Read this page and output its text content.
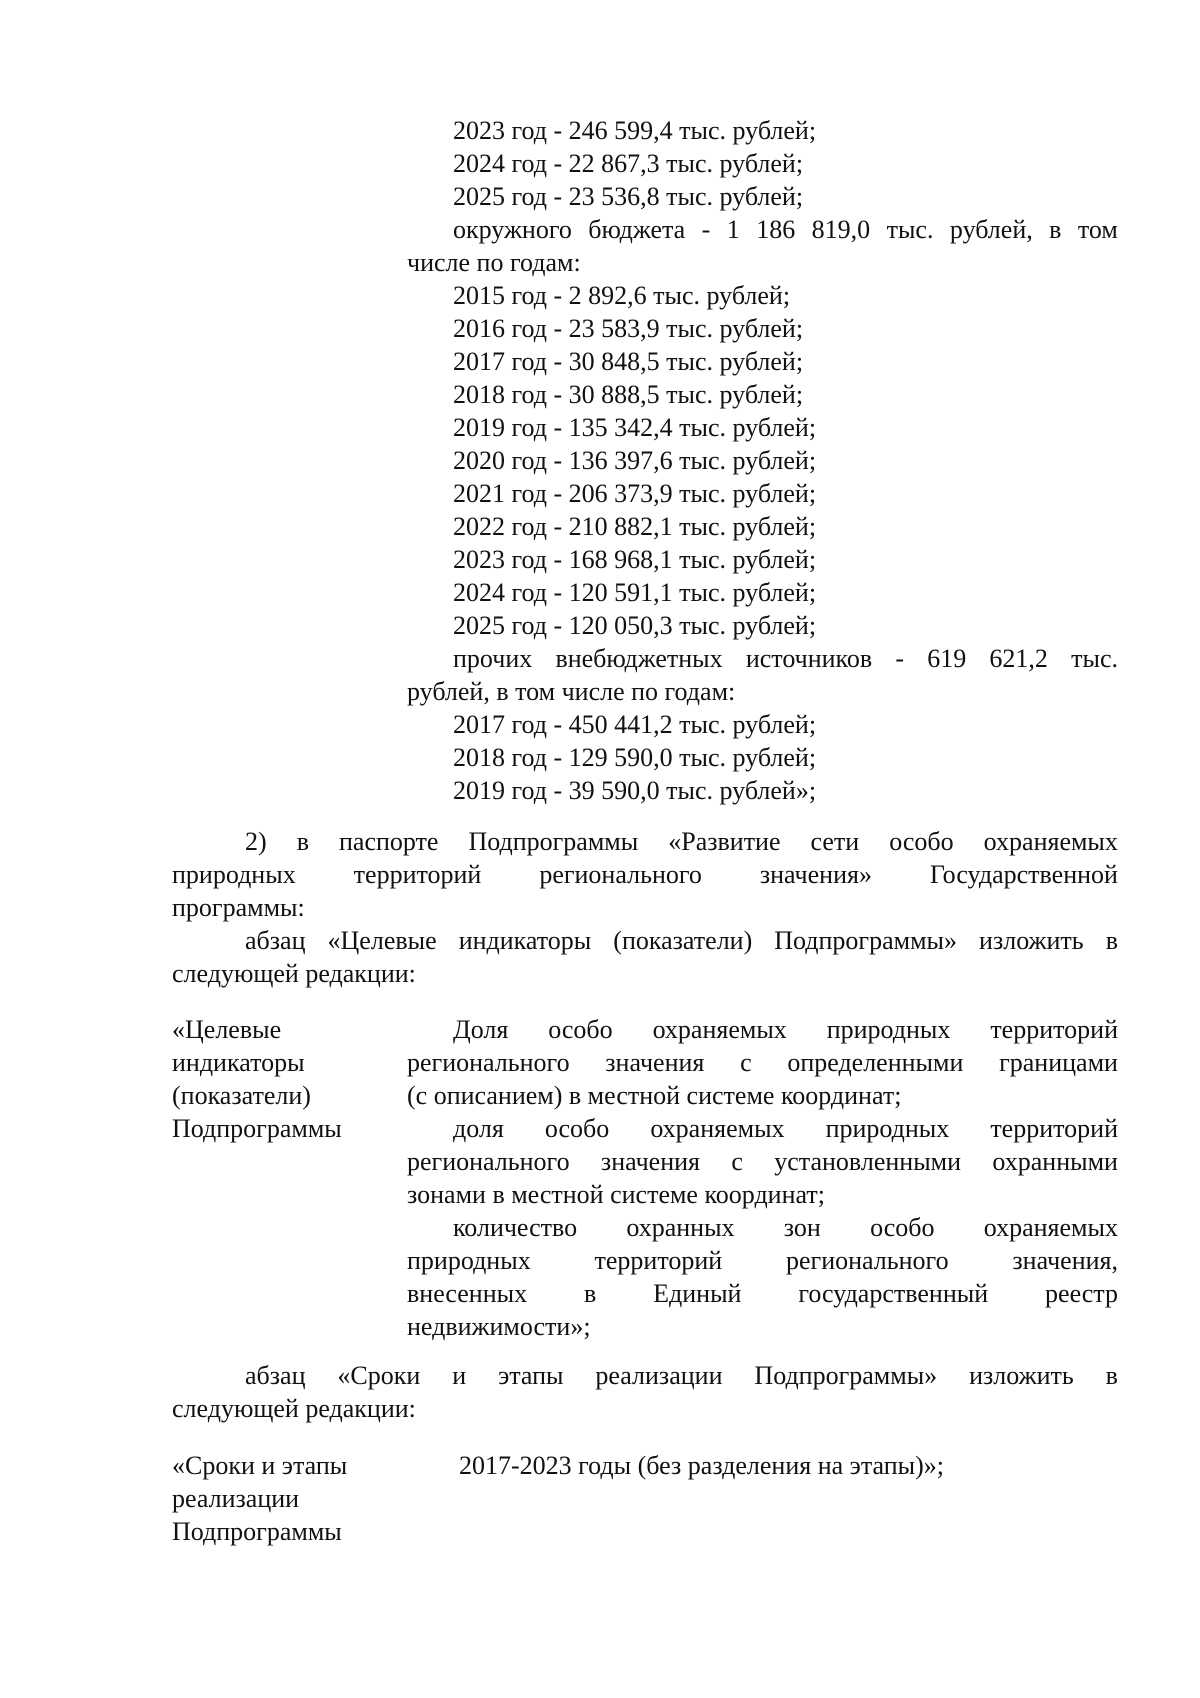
2023 год - 246 599,4 тыс. рублей;
2024 год - 22 867,3 тыс. рублей;
2025 год - 23 536,8 тыс. рублей;
окружного бюджета - 1 186 819,0 тыс. рублей, в том
числе по годам:
2015 год - 2 892,6 тыс. рублей;
2016 год - 23 583,9 тыс. рублей;
2017 год - 30 848,5 тыс. рублей;
2018 год - 30 888,5 тыс. рублей;
2019 год - 135 342,4 тыс. рублей;
2020 год - 136 397,6 тыс. рублей;
2021 год - 206 373,9 тыс. рублей;
2022 год - 210 882,1 тыс. рублей;
2023 год - 168 968,1 тыс. рублей;
2024 год - 120 591,1 тыс. рублей;
2025 год - 120 050,3 тыс. рублей;
прочих внебюджетных источников - 619 621,2 тыс.
рублей, в том числе по годам:
2017 год - 450 441,2 тыс. рублей;
2018 год - 129 590,0 тыс. рублей;
2019 год - 39 590,0 тыс. рублей»;
2) в паспорте Подпрограммы «Развитие сети особо охраняемых
природных территорий регионального значения» Государственной
программы:
абзац «Целевые индикаторы (показатели) Подпрограммы» изложить в
следующей редакции:
«Целевые
индикаторы
(показатели)
Подпрограммы
Доля особо охраняемых природных территорий
регионального значения с определенными границами
(с описанием) в местной системе координат;
доля особо охраняемых природных территорий
регионального значения с установленными охранными
зонами в местной системе координат;
количество охранных зон особо охраняемых
природных территорий регионального значения,
внесенных в Единый государственный реестр
недвижимости»;
абзац «Сроки и этапы реализации Подпрограммы» изложить в
следующей редакции:
«Сроки и этапы
реализации
Подпрограммы
2017-2023 годы (без разделения на этапы)»;
